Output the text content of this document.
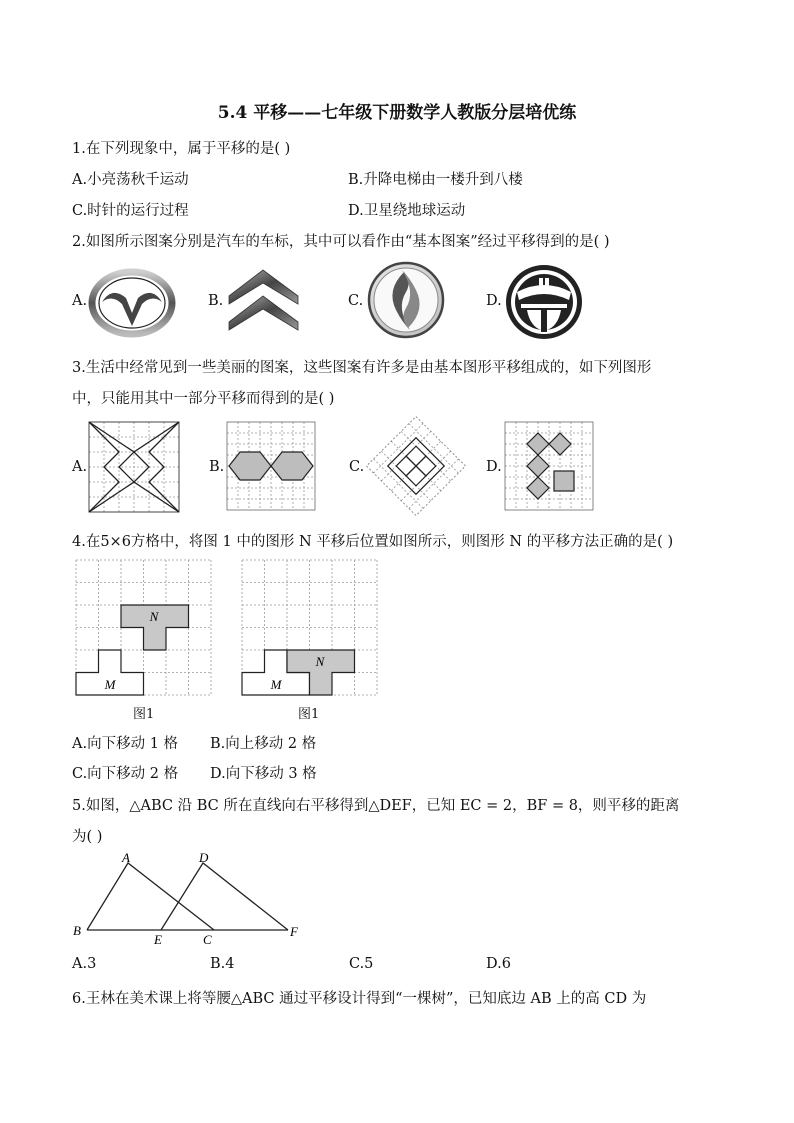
5.4 平移——七年级下册数学人教版分层培优练
1.在下列现象中，属于平移的是( )
A.小亮荡秋千运动	B.升降电梯由一楼升到八楼
C.时针的运行过程	D.卫星绕地球运动
2.如图所示图案分别是汽车的车标，其中可以看作由“基本图案”经过平移得到的是( )
A.	B.	C.	D.
3.生活中经常见到一些美丽的图案，这些图案有许多是由基本图形平移组成的，如下列图形
中，只能用其中一部分平移而得到的是( )
A.	B.	C.	D.
4.在5×6方格中，将图 1 中的图形 N 平移后位置如图所示，则图形 N 的平移方法正确的是( )
N
M
图1
N
M
图1
A.向下移动 1 格 B.向上移动 2 格
C.向下移动 2 格 D.向下移动 3 格
5.如图，△ABC 沿 BC 所在直线向右平移得到△DEF，已知 EC = 2，BF = 8，则平移的距离
为( )
A
B
C
D
E
F
A.3	B.4	C.5	D.6
6.王林在美术课上将等腰△ABC 通过平移设计得到“一棵树”，已知底边 AB 上的高 CD 为
